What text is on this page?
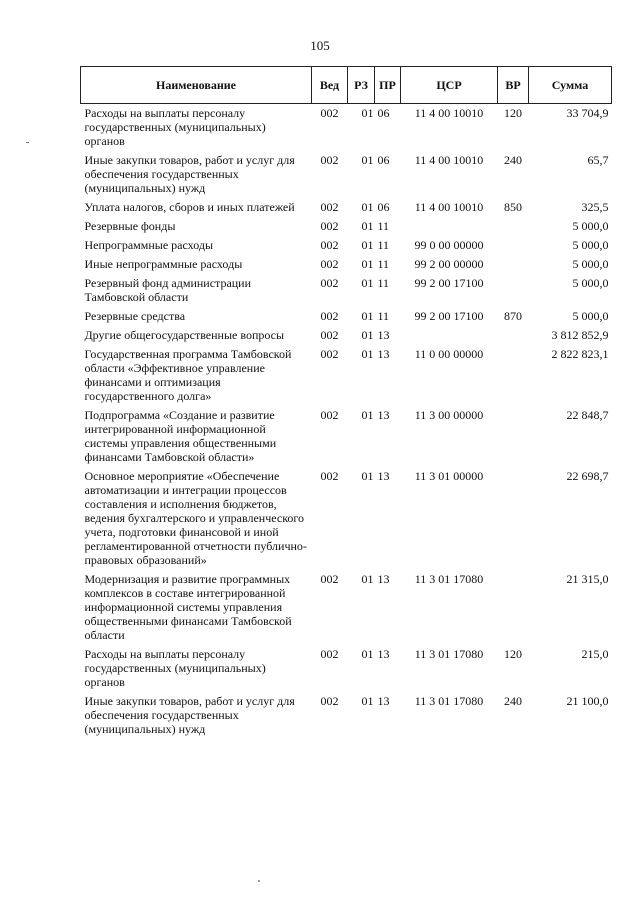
105
Наименование	Вед	РЗ	ПР	ЦСР	ВР	Сумма
Расходы на выплаты персоналу государственных (муниципальных) органов	002	01	06	11 4 00 10010	120	33 704,9
Иные закупки товаров, работ и услуг для обеспечения государственных (муниципальных) нужд	002	01	06	11 4 00 10010	240	65,7
Уплата налогов, сборов и иных платежей	002	01	06	11 4 00 10010	850	325,5
Резервные фонды	002	01	11			5 000,0
Непрограммные расходы	002	01	11	99 0 00 00000		5 000,0
Иные непрограммные расходы	002	01	11	99 2 00 00000		5 000,0
Резервный фонд администрации Тамбовской области	002	01	11	99 2 00 17100		5 000,0
Резервные средства	002	01	11	99 2 00 17100	870	5 000,0
Другие общегосударственные вопросы	002	01	13			3 812 852,9
Государственная программа Тамбовской области «Эффективное управление финансами и оптимизация государственного долга»	002	01	13	11 0 00 00000		2 822 823,1
Подпрограмма «Создание и развитие интегрированной информационной системы управления общественными финансами Тамбовской области»	002	01	13	11 3 00 00000		22 848,7
Основное мероприятие «Обеспечение автоматизации и интеграции процессов составления и исполнения бюджетов, ведения бухгалтерского и управленческого учета, подготовки финансовой и иной регламентированной отчетности публично-правовых образований»	002	01	13	11 3 01 00000		22 698,7
Модернизация и развитие программных комплексов в составе интегрированной информационной системы управления общественными финансами Тамбовской области	002	01	13	11 3 01 17080		21 315,0
Расходы на выплаты персоналу государственных (муниципальных) органов	002	01	13	11 3 01 17080	120	215,0
Иные закупки товаров, работ и услуг для обеспечения государственных (муниципальных) нужд	002	01	13	11 3 01 17080	240	21 100,0
